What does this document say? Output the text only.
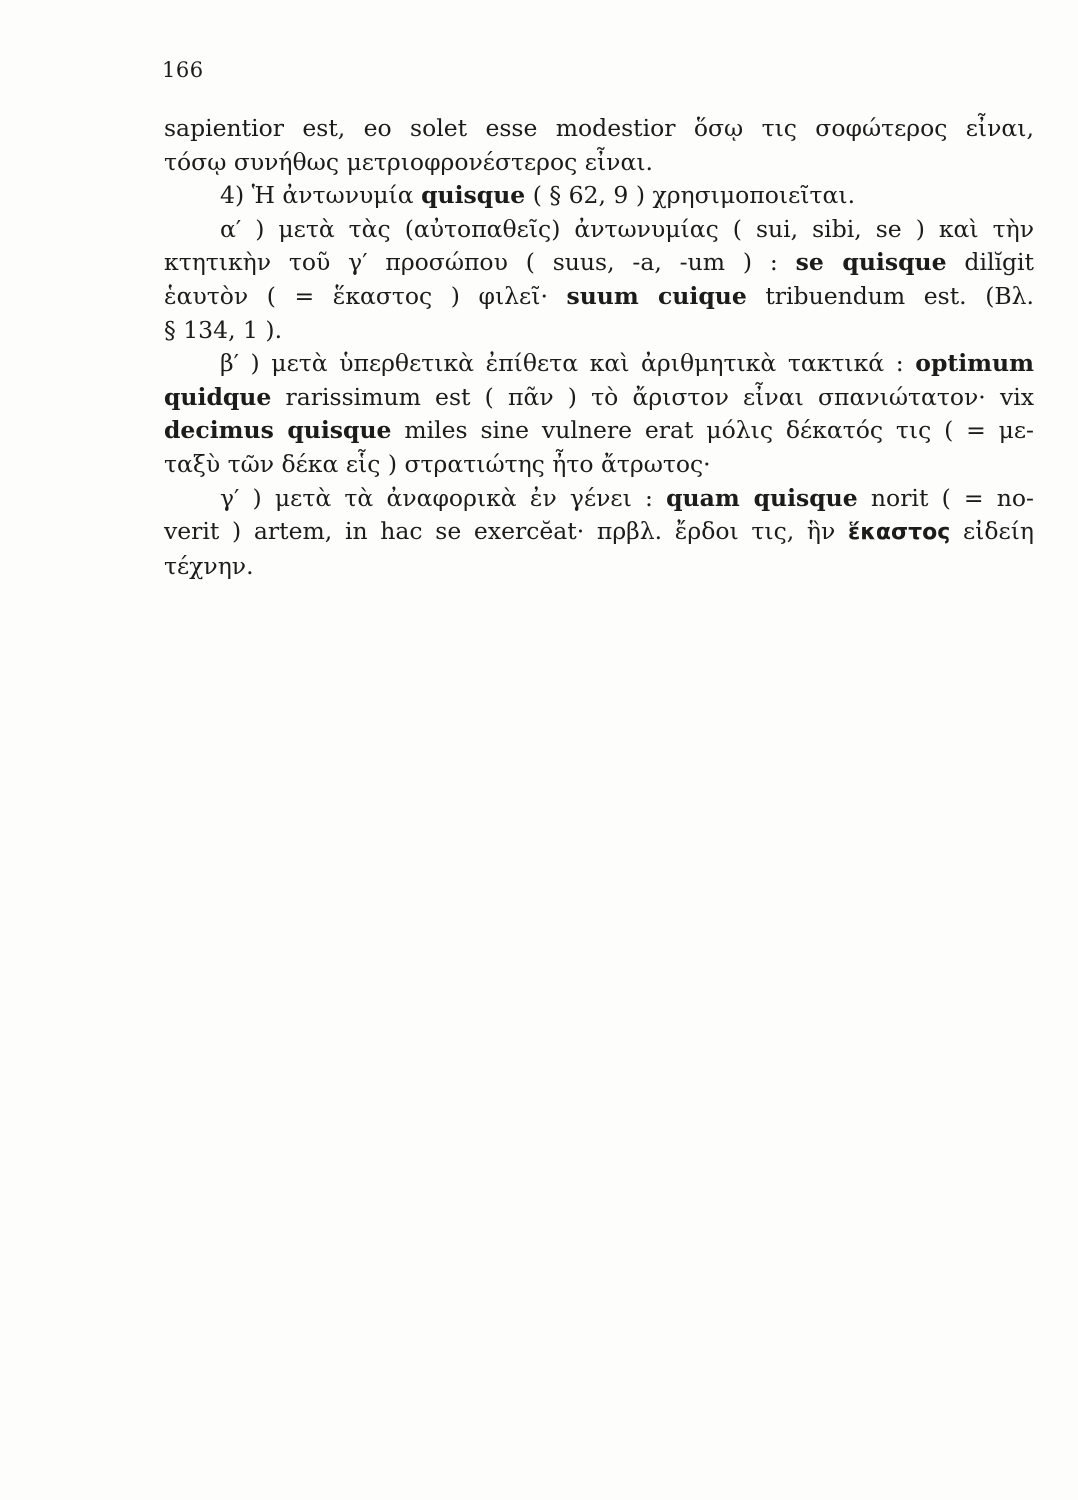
166
sapientior est, eo solet esse modestior ὅσῳ τις σοφώτερος εἶναι,
τόσῳ συνήθως μετριοφρονέστερος εἶναι.
4) Ἡ ἀντωνυμία quisque ( § 62, 9 ) χρησιμοποιεῖται.
α′ ) μετὰ τὰς (αὐτοπαθεῖς) ἀντωνυμίας ( sui, sibi, se ) καὶ τὴν
κτητικὴν τοῦ γ′ προσώπου ( suus, -a, -um ) : se quisque dilĭgit
ἑαυτὸν ( = ἕκαστος ) φιλεῖ· suum cuique tribuendum est. (Βλ.
§ 134, 1 ).
β′ ) μετὰ ὑπερθετικὰ ἐπίθετα καὶ ἀριθμητικὰ τακτικά : optimum
quidque rarissimum est ( πᾶν ) τὸ ἄριστον εἶναι σπανιώτατον· vix
decimus quisque miles sine vulnere erat μόλις δέκατός τις ( = με-
ταξὺ τῶν δέκα εἷς ) στρατιώτης ἦτο ἄτρωτος·
γ′ ) μετὰ τὰ ἀναφορικὰ ἐν γένει : quam quisque norit ( = no-
verit ) artem, in hac se exercĕat· πρβλ. ἔρδοι τις, ἣν ἕκαστος εἰδείη
τέχνην.
